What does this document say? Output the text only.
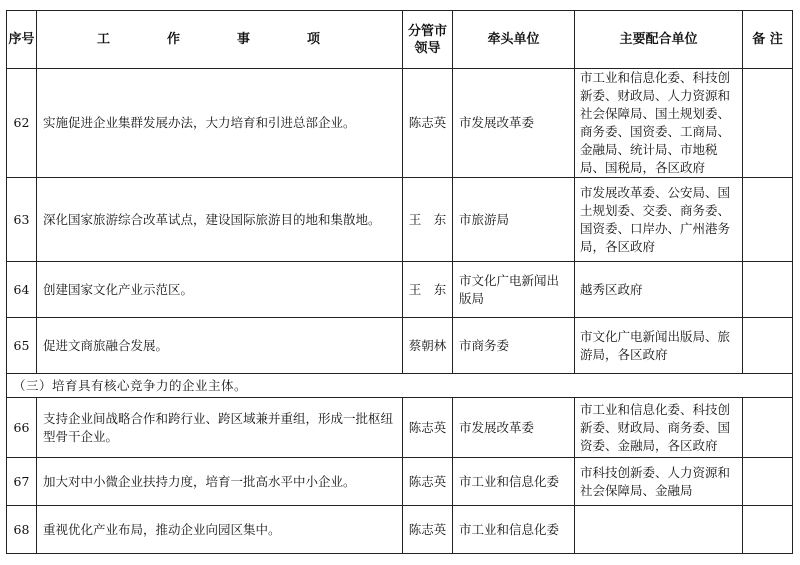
序号	工　作　事　项	分管市领导	牵头单位	主要配合单位	备 注
62	实施促进企业集群发展办法，大力培育和引进总部企业。	陈志英	市发展改革委	市工业和信息化委、科技创新委、财政局、人力资源和社会保障局、国土规划委、商务委、国资委、工商局、金融局、统计局、市地税局、国税局，各区政府	
63	深化国家旅游综合改革试点，建设国际旅游目的地和集散地。	王　东	市旅游局	市发展改革委、公安局、国土规划委、交委、商务委、国资委、口岸办、广州港务局，各区政府	
64	创建国家文化产业示范区。	王　东	市文化广电新闻出版局	越秀区政府	
65	促进文商旅融合发展。	蔡朝林	市商务委	市文化广电新闻出版局、旅游局，各区政府	
（三）培育具有核心竞争力的企业主体。					
66	支持企业间战略合作和跨行业、跨区域兼并重组，形成一批枢纽型骨干企业。	陈志英	市发展改革委	市工业和信息化委、科技创新委、财政局、商务委、国资委、金融局，各区政府	
67	加大对中小微企业扶持力度，培育一批高水平中小企业。	陈志英	市工业和信息化委	市科技创新委、人力资源和社会保障局、金融局	
68	重视优化产业布局，推动企业向园区集中。	陈志英	市工业和信息化委		
